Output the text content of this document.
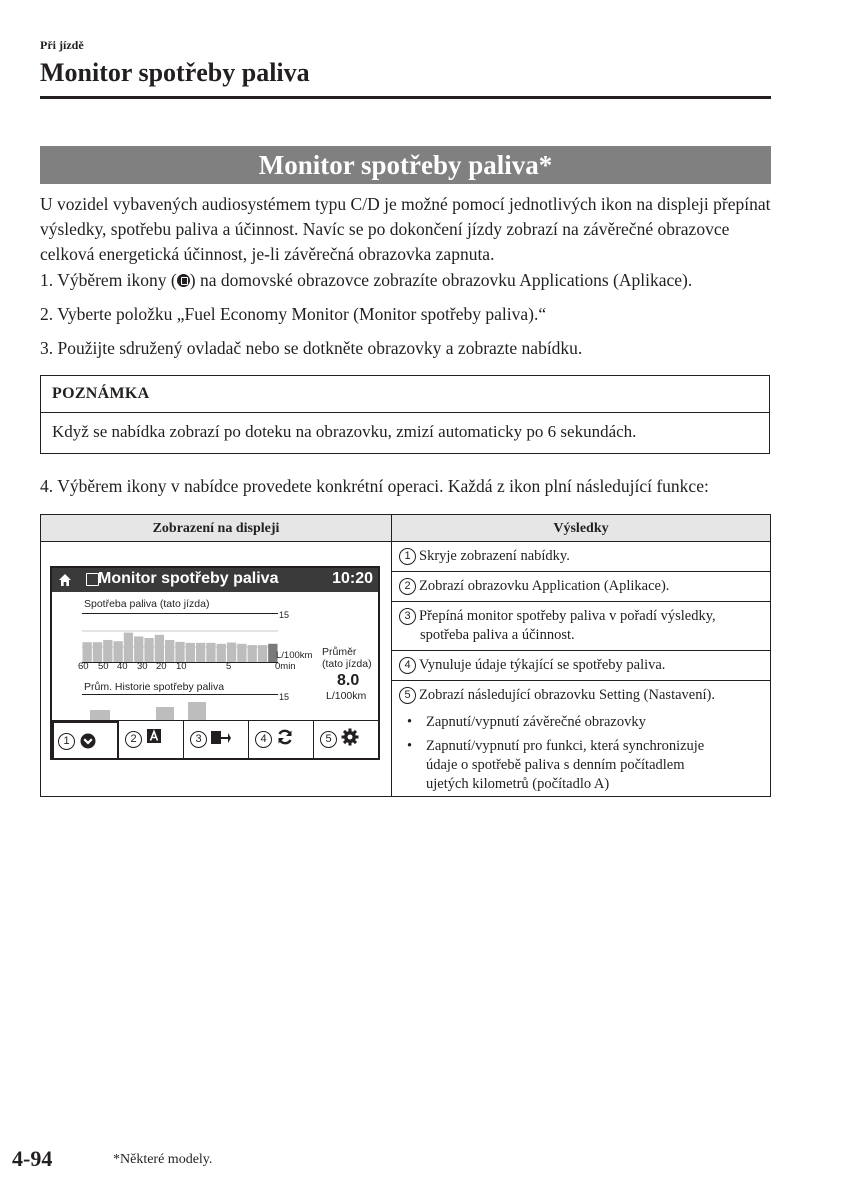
Při jízdě
Monitor spotřeby paliva
Monitor spotřeby paliva*
U vozidel vybavených audiosystémem typu C/D je možné pomocí jednotlivých ikon na displeji přepínat výsledky, spotřebu paliva a účinnost. Navíc se po dokončení jízdy zobrazí na závěrečné obrazovce celková energetická účinnost, je-li závěrečná obrazovka zapnuta.
1. Výběrem ikony ( ) na domovské obrazovce zobrazíte obrazovku Applications (Aplikace).
2. Vyberte položku „Fuel Economy Monitor (Monitor spotřeby paliva).“
3. Použijte sdružený ovladač nebo se dotkněte obrazovky a zobrazte nabídku.
POZNÁMKA
Když se nabídka zobrazí po doteku na obrazovku, zmizí automaticky po 6 sekundách.
4. Výběrem ikony v nabídce provedete konkrétní operaci. Každá z ikon plní následující funkce:
Zobrazení na displeji	Výsledky
1 Skryje zobrazení nabídky.
2 Zobrazí obrazovku Application (Aplikace).
3 Přepíná monitor spotřeby paliva v pořadí výsledky,
spotřeba paliva a účinnost.
4 Vynuluje údaje týkající se spotřeby paliva.
5 Zobrazí následující obrazovku Setting (Nastavení).
• Zapnutí/vypnutí závěrečné obrazovky
• Zapnutí/vypnutí pro funkci, která synchronizuje
údaje o spotřebě paliva s denním počítadlem
ujetých kilometrů (počítadlo A)
Monitor spotřeby paliva	10:20
Spotřeba paliva (tato jízda)
15
L/100km
60 50 40 30 20 10	5	0min
Průměr
(tato jízda)
8.0
L/100km
Prům. Historie spotřeby paliva
15
1	2	3	4	5
4-94	*Některé modely.
